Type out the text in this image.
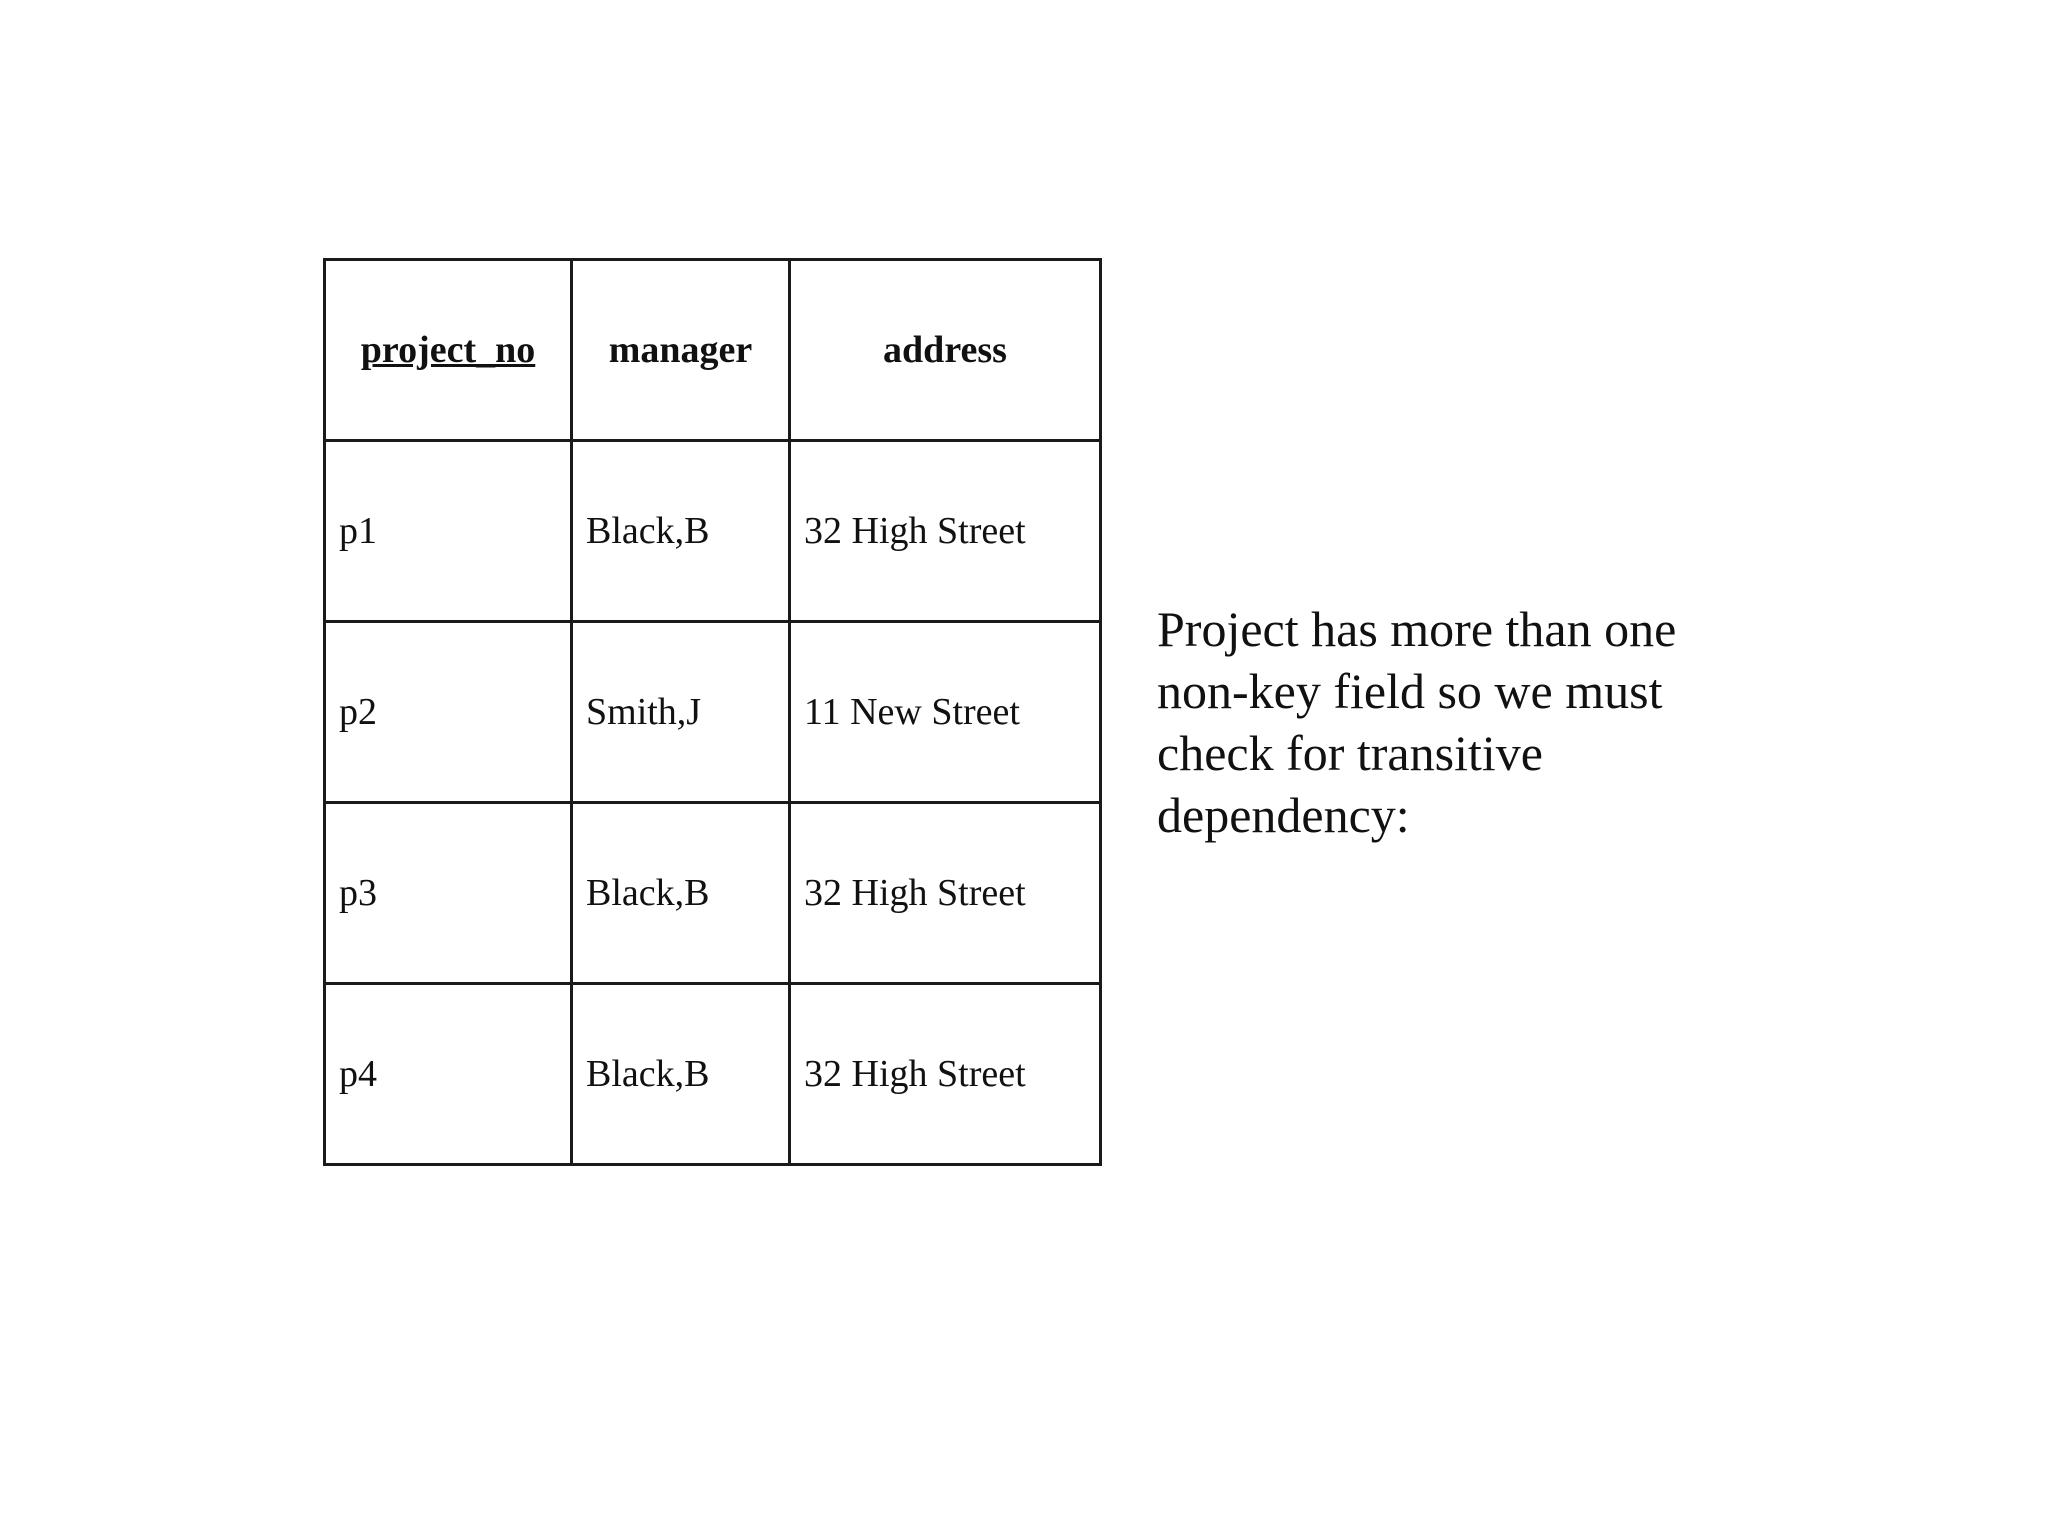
project_no	manager	address
p1	Black,B	32 High Street
p2	Smith,J	11 New Street
p3	Black,B	32 High Street
p4	Black,B	32 High Street

Project has more than one non-key field so we must check for transitive dependency:
